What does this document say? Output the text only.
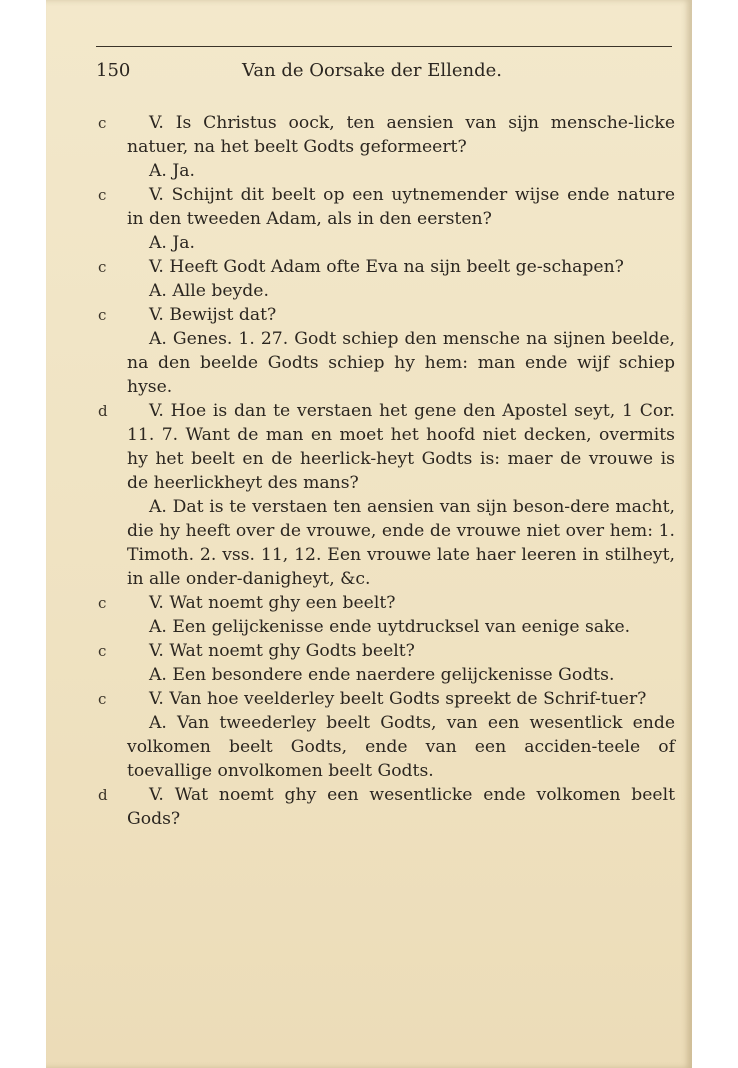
150	Van de Oorsake der Ellende.
c	V. Is Christus oock, ten aensien van sijn mensche-licke natuer, na het beelt Godts geformeert?

A. Ja.

c	V. Schijnt dit beelt op een uytnemender wijse ende nature in den tweeden Adam, als in den eersten?

A. Ja.

c	V. Heeft Godt Adam ofte Eva na sijn beelt ge-schapen?

A. Alle beyde.

c	V. Bewijst dat?

A. Genes. 1. 27. Godt schiep den mensche na sijnen beelde, na den beelde Godts schiep hy hem: man ende wijf schiep hyse.

d	V. Hoe is dan te verstaen het gene den Apostel seyt, 1 Cor. 11. 7. Want de man en moet het hoofd niet decken, overmits hy het beelt en de heerlick-heyt Godts is: maer de vrouwe is de heerlickheyt des mans?

A. Dat is te verstaen ten aensien van sijn beson-dere macht, die hy heeft over de vrouwe, ende de vrouwe niet over hem: 1. Timoth. 2. vss. 11, 12. Een vrouwe late haer leeren in stilheyt, in alle onder-danigheyt, &c.

c	V. Wat noemt ghy een beelt?

A. Een gelijckenisse ende uytdrucksel van eenige sake.

c	V. Wat noemt ghy Godts beelt?

A. Een besondere ende naerdere gelijckenisse Godts.

c	V. Van hoe veelderley beelt Godts spreekt de Schrif-tuer?

A. Van tweederley beelt Godts, van een wesentlick ende volkomen beelt Godts, ende van een acciden-teele of toevallige onvolkomen beelt Godts.

d	V. Wat noemt ghy een wesentlicke ende volkomen beelt Gods?
